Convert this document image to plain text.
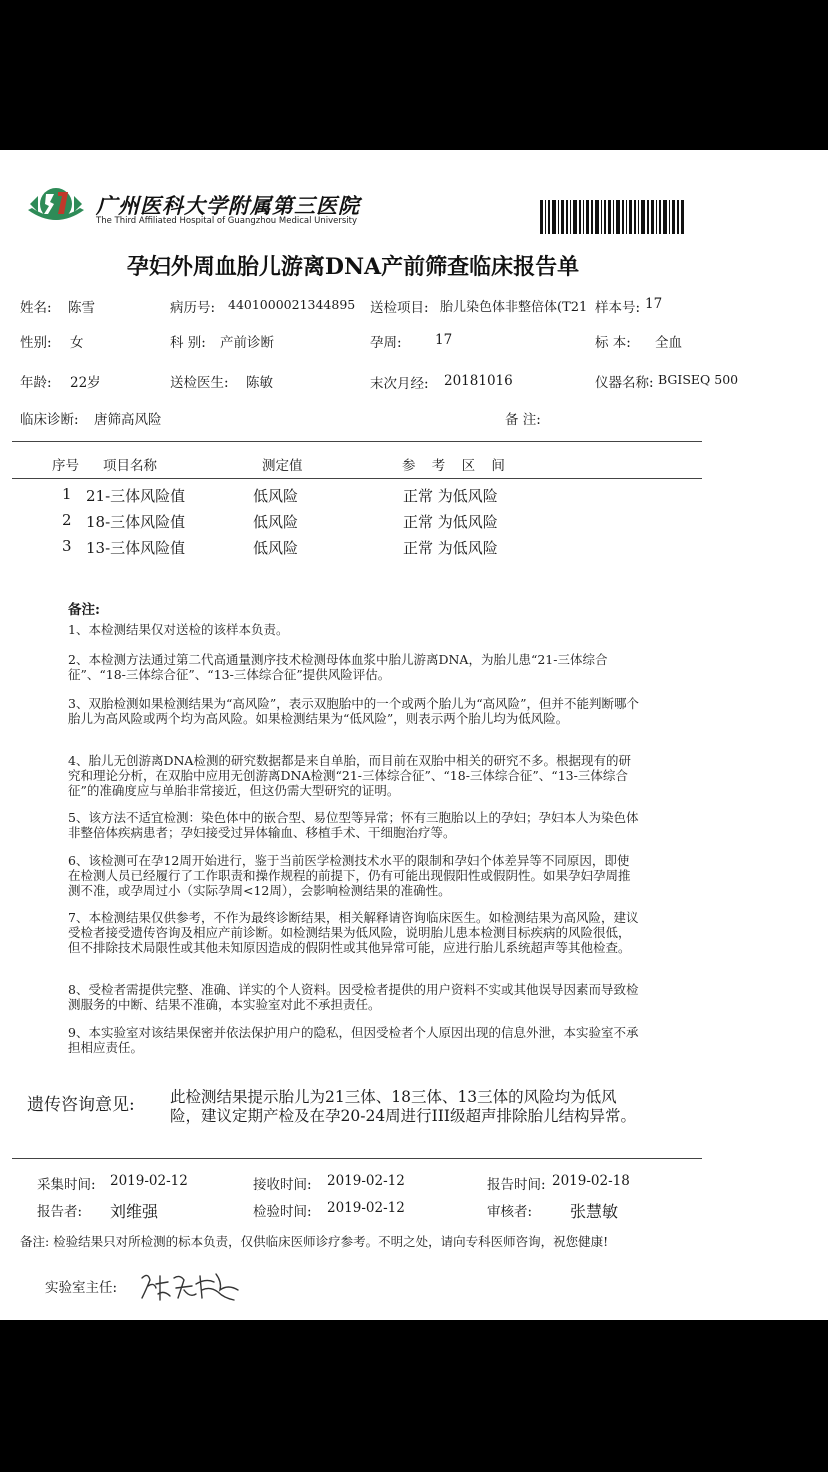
广州医科大学附属第三医院
The Third Affiliated Hospital of Guangzhou Medical University
孕妇外周血胎儿游离DNA产前筛查临床报告单
姓名: 陈雪	病历号: 4401000021344895 送检项目: 胎儿染色体非整倍体(T21 样本号: 17
性别: 女	科 别: 产前诊断	孕周: 17	标 本: 全血
年龄: 22岁	送检医生: 陈敏	末次月经: 20181016	仪器名称: BGISEQ 500
临床诊断: 唐筛高风险	备 注:
序号 项目名称	测定值	参 考 区 间
1 21-三体风险值	低风险	正常 为低风险
2 18-三体风险值	低风险	正常 为低风险
3 13-三体风险值	低风险	正常 为低风险
备注:
1、本检测结果仅对送检的该样本负责。
2、本检测方法通过第二代高通量测序技术检测母体血浆中胎儿游离DNA，为胎儿患“21-三体综合征”、“18-三体综合征”、“13-三体综合征”提供风险评估。
3、双胎检测如果检测结果为“高风险”，表示双胞胎中的一个或两个胎儿为“高风险”，但并不能判断哪个胎儿为高风险或两个均为高风险。如果检测结果为“低风险”，则表示两个胎儿均为低风险。
4、胎儿无创游离DNA检测的研究数据都是来自单胎，而目前在双胎中相关的研究不多。根据现有的研究和理论分析，在双胎中应用无创游离DNA检测“21-三体综合征”、“18-三体综合征”、“13-三体综合征”的准确度应与单胎非常接近，但这仍需大型研究的证明。
5、该方法不适宜检测：染色体中的嵌合型、易位型等异常；怀有三胞胎以上的孕妇；孕妇本人为染色体非整倍体疾病患者；孕妇接受过异体输血、移植手术、干细胞治疗等。
6、该检测可在孕12周开始进行，鉴于当前医学检测技术水平的限制和孕妇个体差异等不同原因，即使在检测人员已经履行了工作职责和操作规程的前提下，仍有可能出现假阳性或假阴性。如果孕妇孕周推测不准，或孕周过小（实际孕周<12周），会影响检测结果的准确性。
7、本检测结果仅供参考，不作为最终诊断结果，相关解释请咨询临床医生。如检测结果为高风险，建议受检者接受遗传咨询及相应产前诊断。如检测结果为低风险，说明胎儿患本检测目标疾病的风险很低，但不排除技术局限性或其他未知原因造成的假阴性或其他异常可能，应进行胎儿系统超声等其他检查。
8、受检者需提供完整、准确、详实的个人资料。因受检者提供的用户资料不实或其他误导因素而导致检测服务的中断、结果不准确，本实验室对此不承担责任。
9、本实验室对该结果保密并依法保护用户的隐私，但因受检者个人原因出现的信息外泄，本实验室不承担相应责任。
遗传咨询意见: 此检测结果提示胎儿为21三体、18三体、13三体的风险均为低风险，建议定期产检及在孕20-24周进行III级超声排除胎儿结构异常。
采集时间: 2019-02-12	接收时间: 2019-02-12	报告时间: 2019-02-18
报告者: 刘维强	检验时间: 2019-02-12	审核者: 张慧敏
备注: 检验结果只对所检测的标本负责，仅供临床医师诊疗参考。不明之处，请向专科医师咨询，祝您健康!
实验室主任:
